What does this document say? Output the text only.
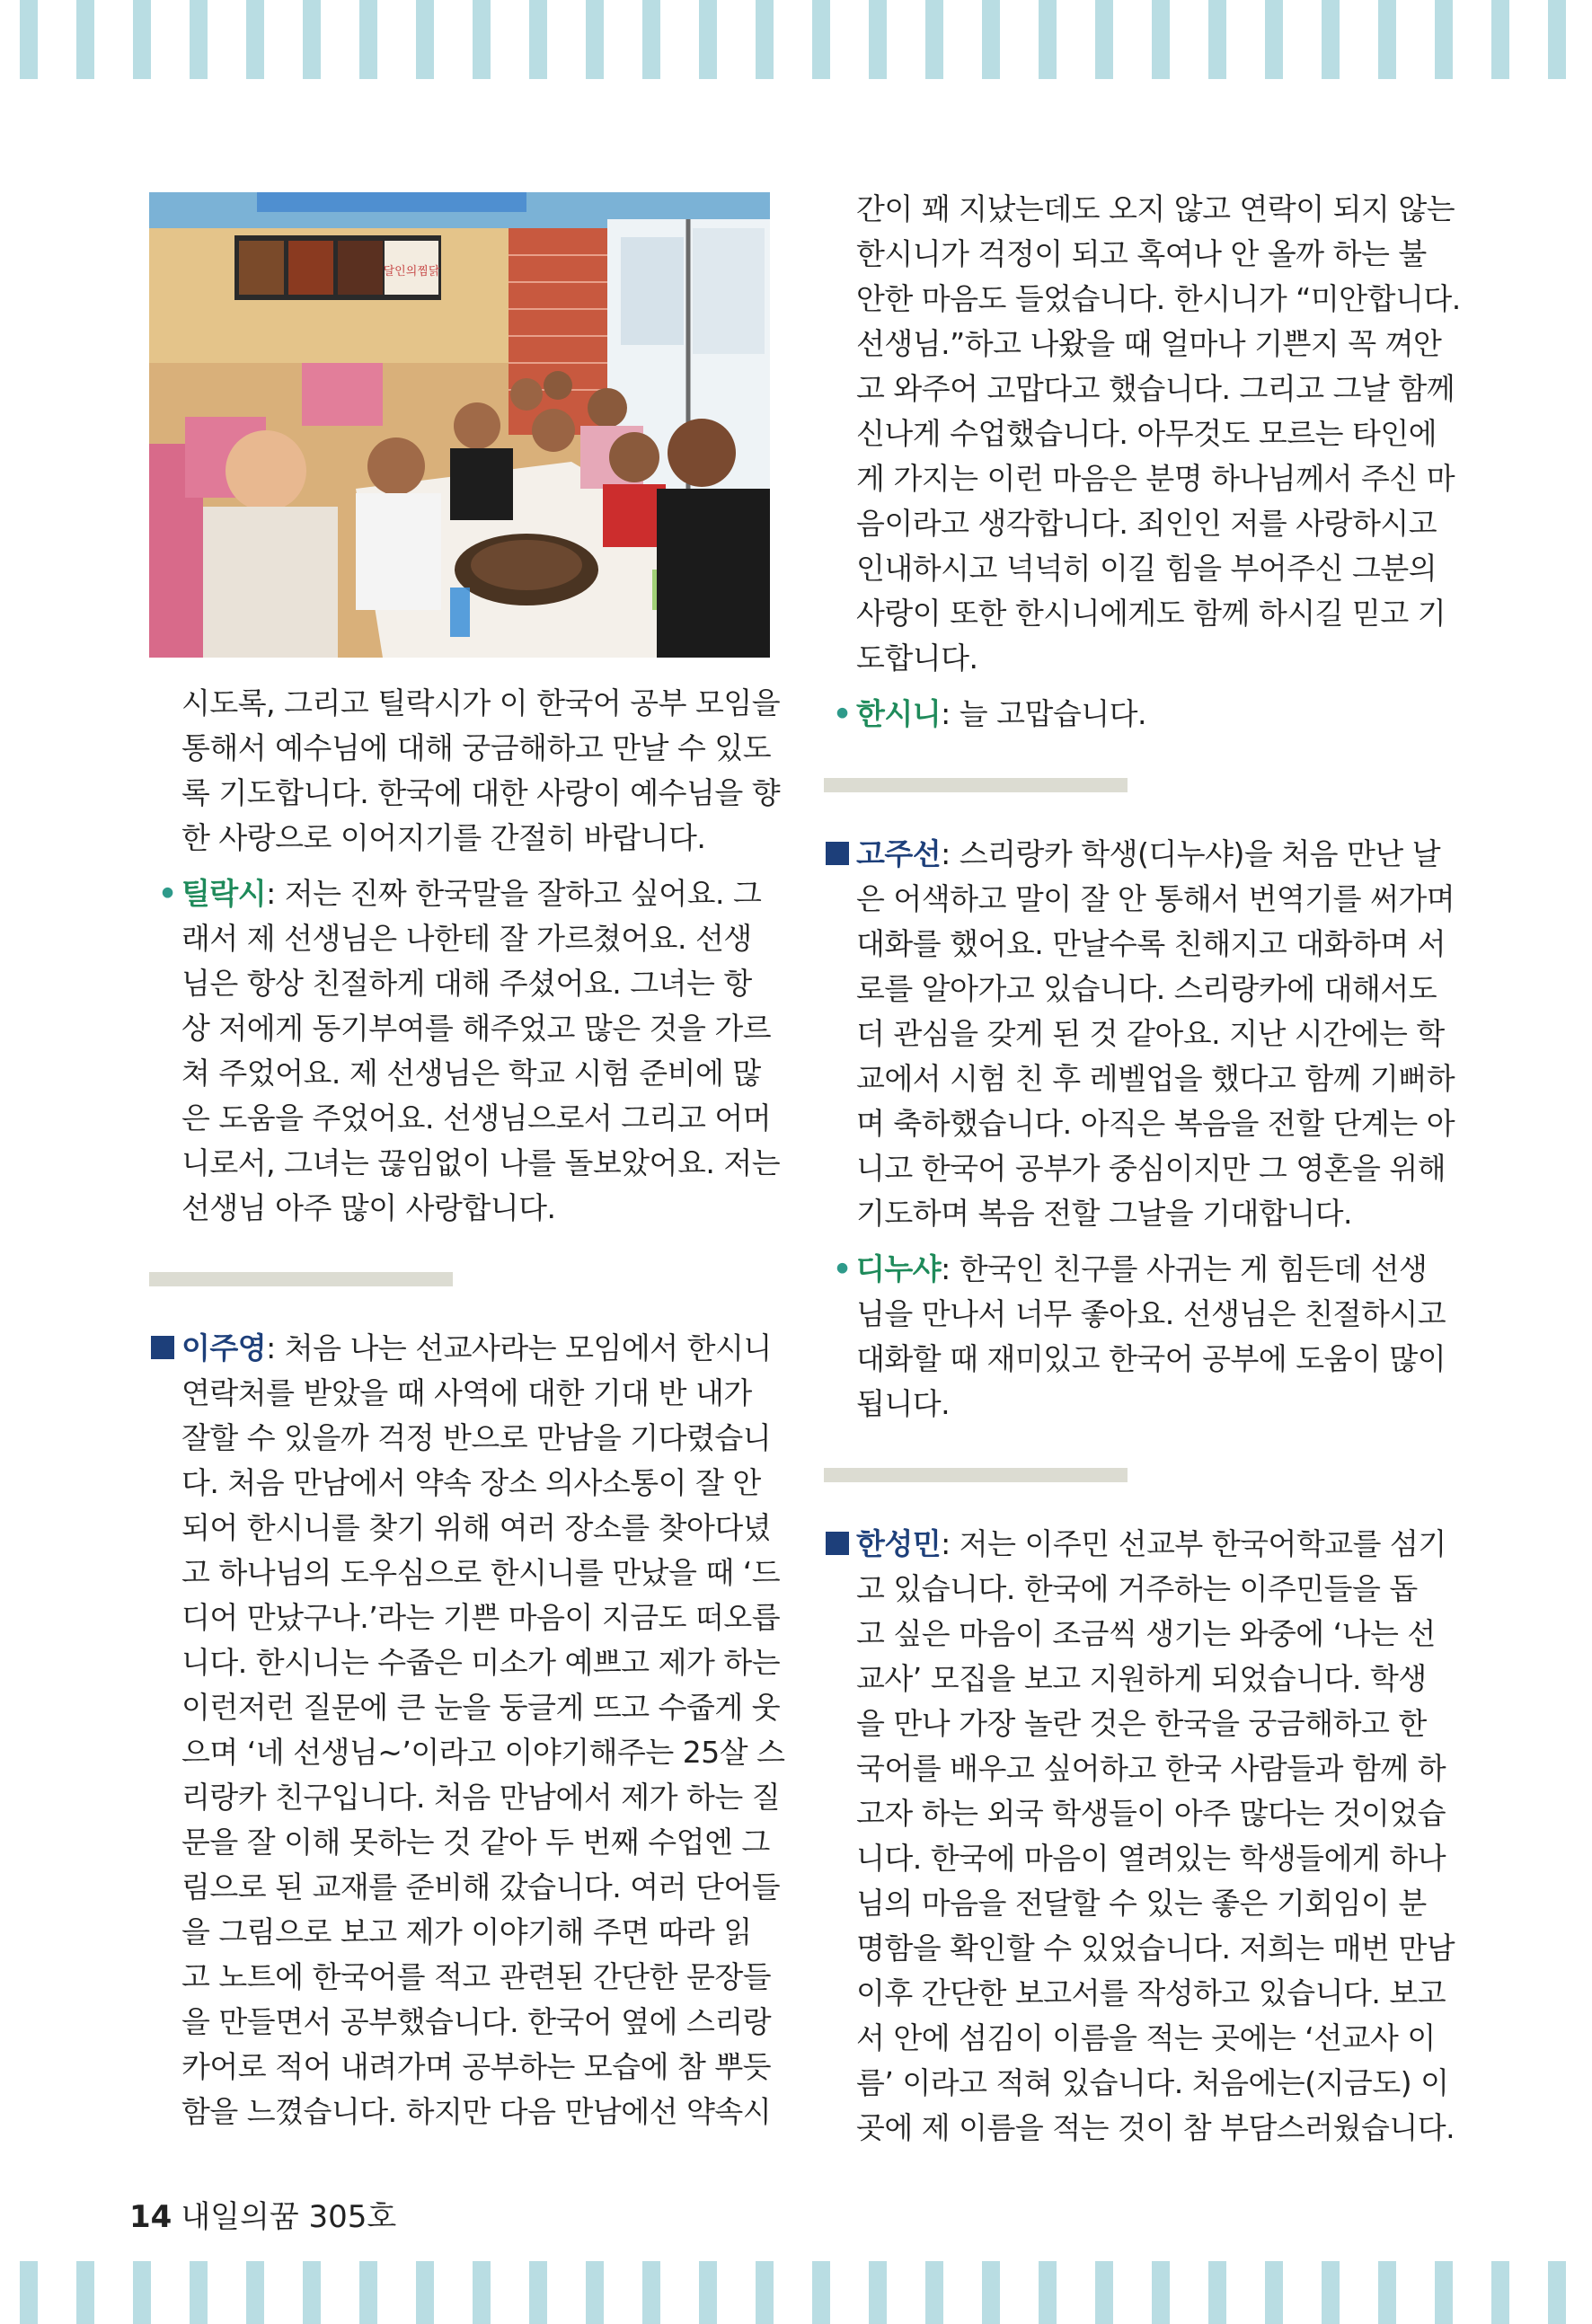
달인의찜닭
시도록, 그리고 틸락시가 이 한국어 공부 모임을
통해서 예수님에 대해 궁금해하고 만날 수 있도
록 기도합니다. 한국에 대한 사랑이 예수님을 향
한 사랑으로 이어지기를 간절히 바랍니다.
• 틸락시: 저는 진짜 한국말을 잘하고 싶어요. 그
래서 제 선생님은 나한테 잘 가르쳤어요. 선생
님은 항상 친절하게 대해 주셨어요. 그녀는 항
상 저에게 동기부여를 해주었고 많은 것을 가르
쳐 주었어요. 제 선생님은 학교 시험 준비에 많
은 도움을 주었어요. 선생님으로서 그리고 어머
니로서, 그녀는 끊임없이 나를 돌보았어요. 저는
선생님 아주 많이 사랑합니다.
이주영: 처음 나는 선교사라는 모임에서 한시니
연락처를 받았을 때 사역에 대한 기대 반 내가
잘할 수 있을까 걱정 반으로 만남을 기다렸습니
다. 처음 만남에서 약속 장소 의사소통이 잘 안
되어 한시니를 찾기 위해 여러 장소를 찾아다녔
고 하나님의 도우심으로 한시니를 만났을 때 ‘드
디어 만났구나.’라는 기쁜 마음이 지금도 떠오릅
니다. 한시니는 수줍은 미소가 예쁘고 제가 하는
이런저런 질문에 큰 눈을 둥글게 뜨고 수줍게 웃
으며 ‘네 선생님~’이라고 이야기해주는 25살 스
리랑카 친구입니다. 처음 만남에서 제가 하는 질
문을 잘 이해 못하는 것 같아 두 번째 수업엔 그
림으로 된 교재를 준비해 갔습니다. 여러 단어들
을 그림으로 보고 제가 이야기해 주면 따라 읽
고 노트에 한국어를 적고 관련된 간단한 문장들
을 만들면서 공부했습니다. 한국어 옆에 스리랑
카어로 적어 내려가며 공부하는 모습에 참 뿌듯
함을 느꼈습니다. 하지만 다음 만남에선 약속시
간이 꽤 지났는데도 오지 않고 연락이 되지 않는
한시니가 걱정이 되고 혹여나 안 올까 하는 불
안한 마음도 들었습니다. 한시니가 “미안합니다.
선생님.”하고 나왔을 때 얼마나 기쁜지 꼭 껴안
고 와주어 고맙다고 했습니다. 그리고 그날 함께
신나게 수업했습니다. 아무것도 모르는 타인에
게 가지는 이런 마음은 분명 하나님께서 주신 마
음이라고 생각합니다. 죄인인 저를 사랑하시고
인내하시고 넉넉히 이길 힘을 부어주신 그분의
사랑이 또한 한시니에게도 함께 하시길 믿고 기
도합니다.
• 한시니: 늘 고맙습니다.
고주선: 스리랑카 학생(디누샤)을 처음 만난 날
은 어색하고 말이 잘 안 통해서 번역기를 써가며
대화를 했어요. 만날수록 친해지고 대화하며 서
로를 알아가고 있습니다. 스리랑카에 대해서도
더 관심을 갖게 된 것 같아요. 지난 시간에는 학
교에서 시험 친 후 레벨업을 했다고 함께 기뻐하
며 축하했습니다. 아직은 복음을 전할 단계는 아
니고 한국어 공부가 중심이지만 그 영혼을 위해
기도하며 복음 전할 그날을 기대합니다.
• 디누샤: 한국인 친구를 사귀는 게 힘든데 선생
님을 만나서 너무 좋아요. 선생님은 친절하시고
대화할 때 재미있고 한국어 공부에 도움이 많이
됩니다.
한성민: 저는 이주민 선교부 한국어학교를 섬기
고 있습니다. 한국에 거주하는 이주민들을 돕
고 싶은 마음이 조금씩 생기는 와중에 ‘나는 선
교사’ 모집을 보고 지원하게 되었습니다. 학생
을 만나 가장 놀란 것은 한국을 궁금해하고 한
국어를 배우고 싶어하고 한국 사람들과 함께 하
고자 하는 외국 학생들이 아주 많다는 것이었습
니다. 한국에 마음이 열려있는 학생들에게 하나
님의 마음을 전달할 수 있는 좋은 기회임이 분
명함을 확인할 수 있었습니다. 저희는 매번 만남
이후 간단한 보고서를 작성하고 있습니다. 보고
서 안에 섬김이 이름을 적는 곳에는 ‘선교사 이
름’ 이라고 적혀 있습니다. 처음에는(지금도) 이
곳에 제 이름을 적는 것이 참 부담스러웠습니다.
14 내일의꿈 305호
